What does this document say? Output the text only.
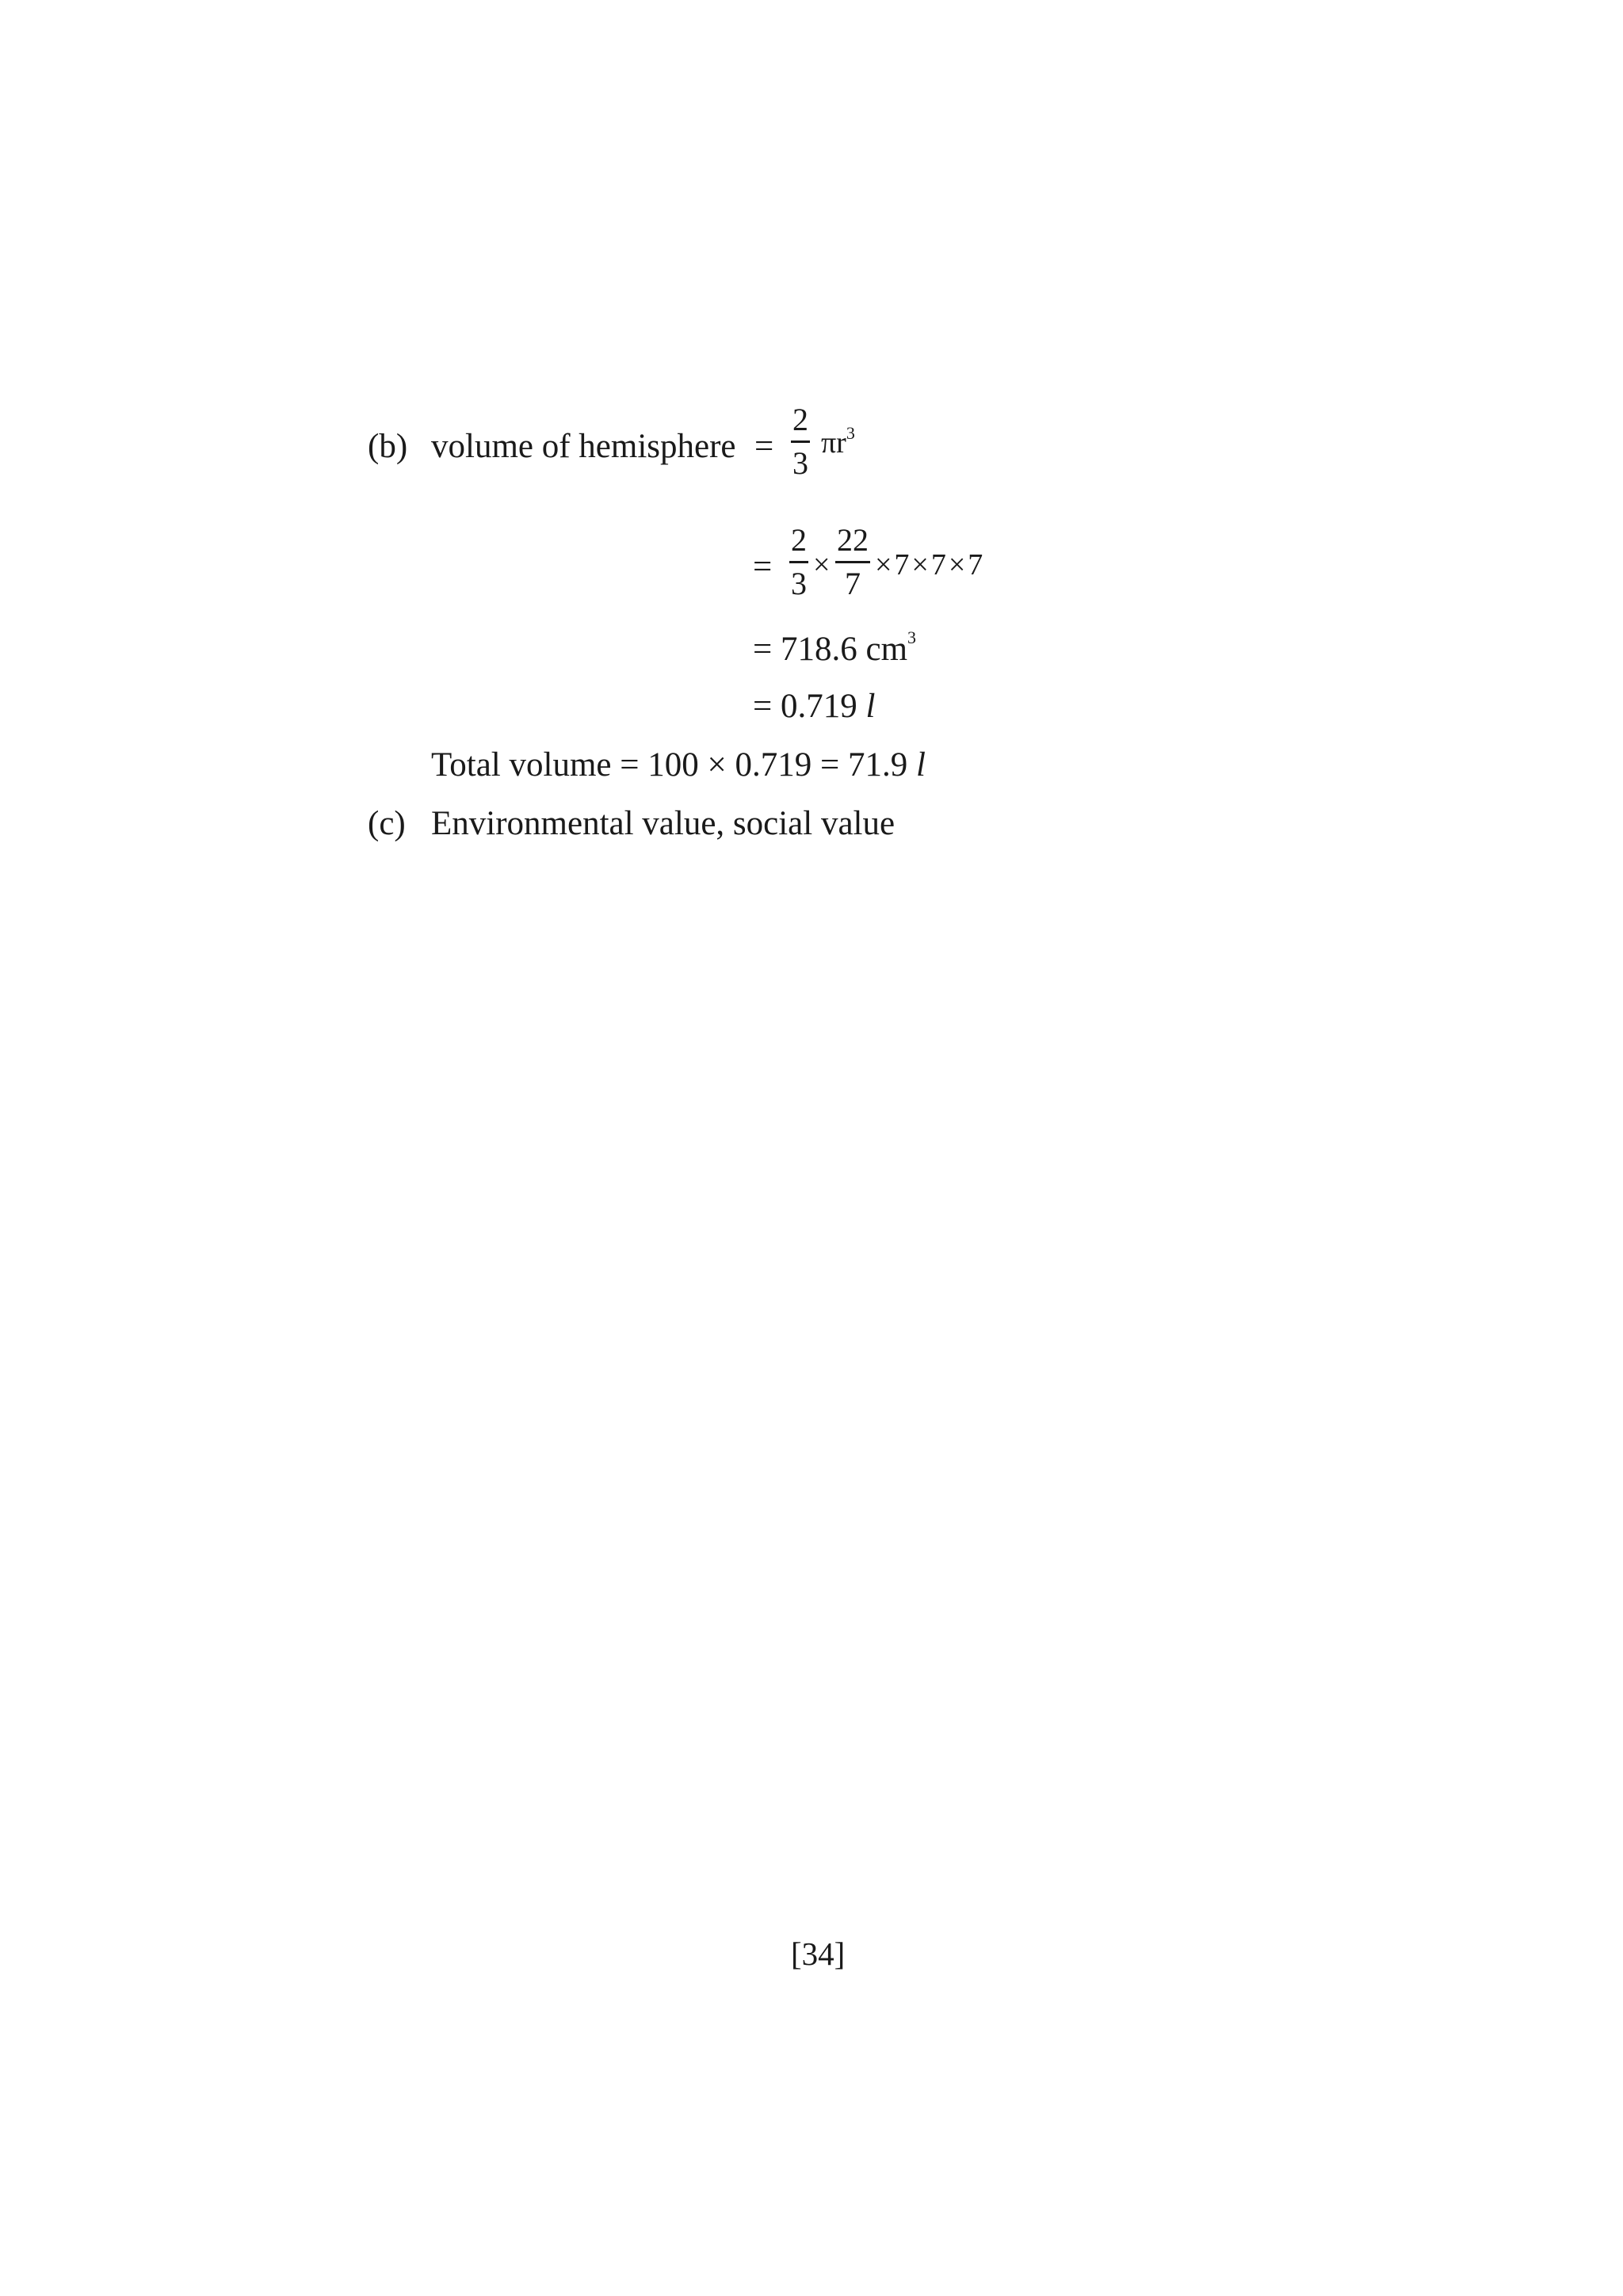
(b) volume of hemisphere =
2
3
$\pi r^3$
=
2
3
×
22
7
×7×7×7
= 718.6 $cm^3$
= 0.719 l
Total volume = 100 × 0.719 = 71.9 l
(c) Environmental value, social value
[34]
